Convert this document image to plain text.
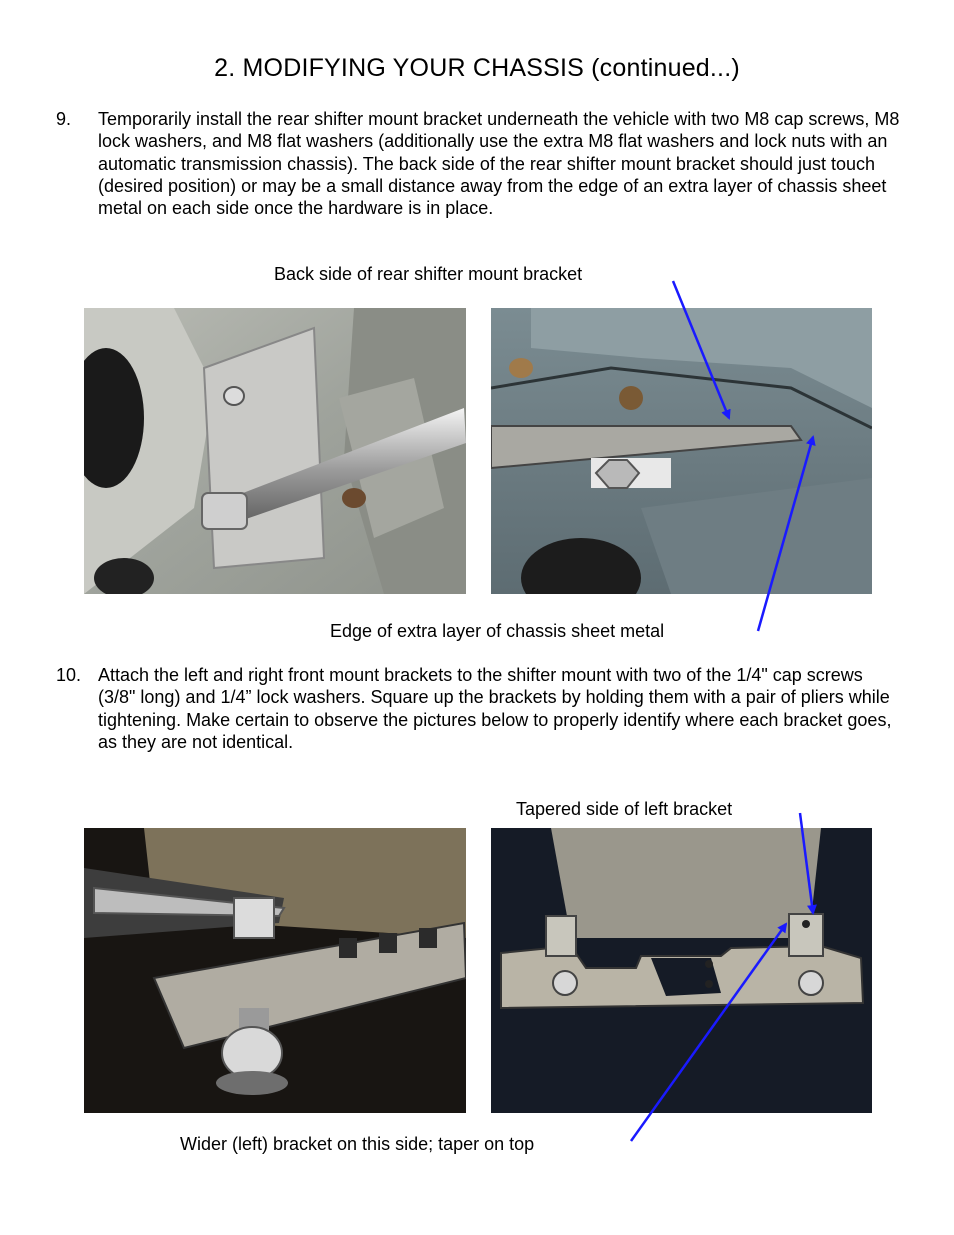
2. MODIFYING YOUR CHASSIS (continued...)
9. Temporarily install the rear shifter mount bracket underneath the vehicle with two M8 cap screws, M8 lock washers, and M8 flat washers (additionally use the extra M8 flat washers and lock nuts with an automatic transmission chassis). The back side of the rear shifter mount bracket should just touch (desired position) or may be a small distance away from the edge of an extra layer of chassis sheet metal on each side once the hardware is in place.
Back side of rear shifter mount bracket
Edge of extra layer of chassis sheet metal
10. Attach the left and right front mount brackets to the shifter mount with two of the 1/4" cap screws (3/8" long) and 1/4” lock washers. Square up the brackets by holding them with a pair of pliers while tightening. Make certain to observe the pictures below to properly identify where each bracket goes, as they are not identical.
Tapered side of left bracket
Wider (left) bracket on this side; taper on top
